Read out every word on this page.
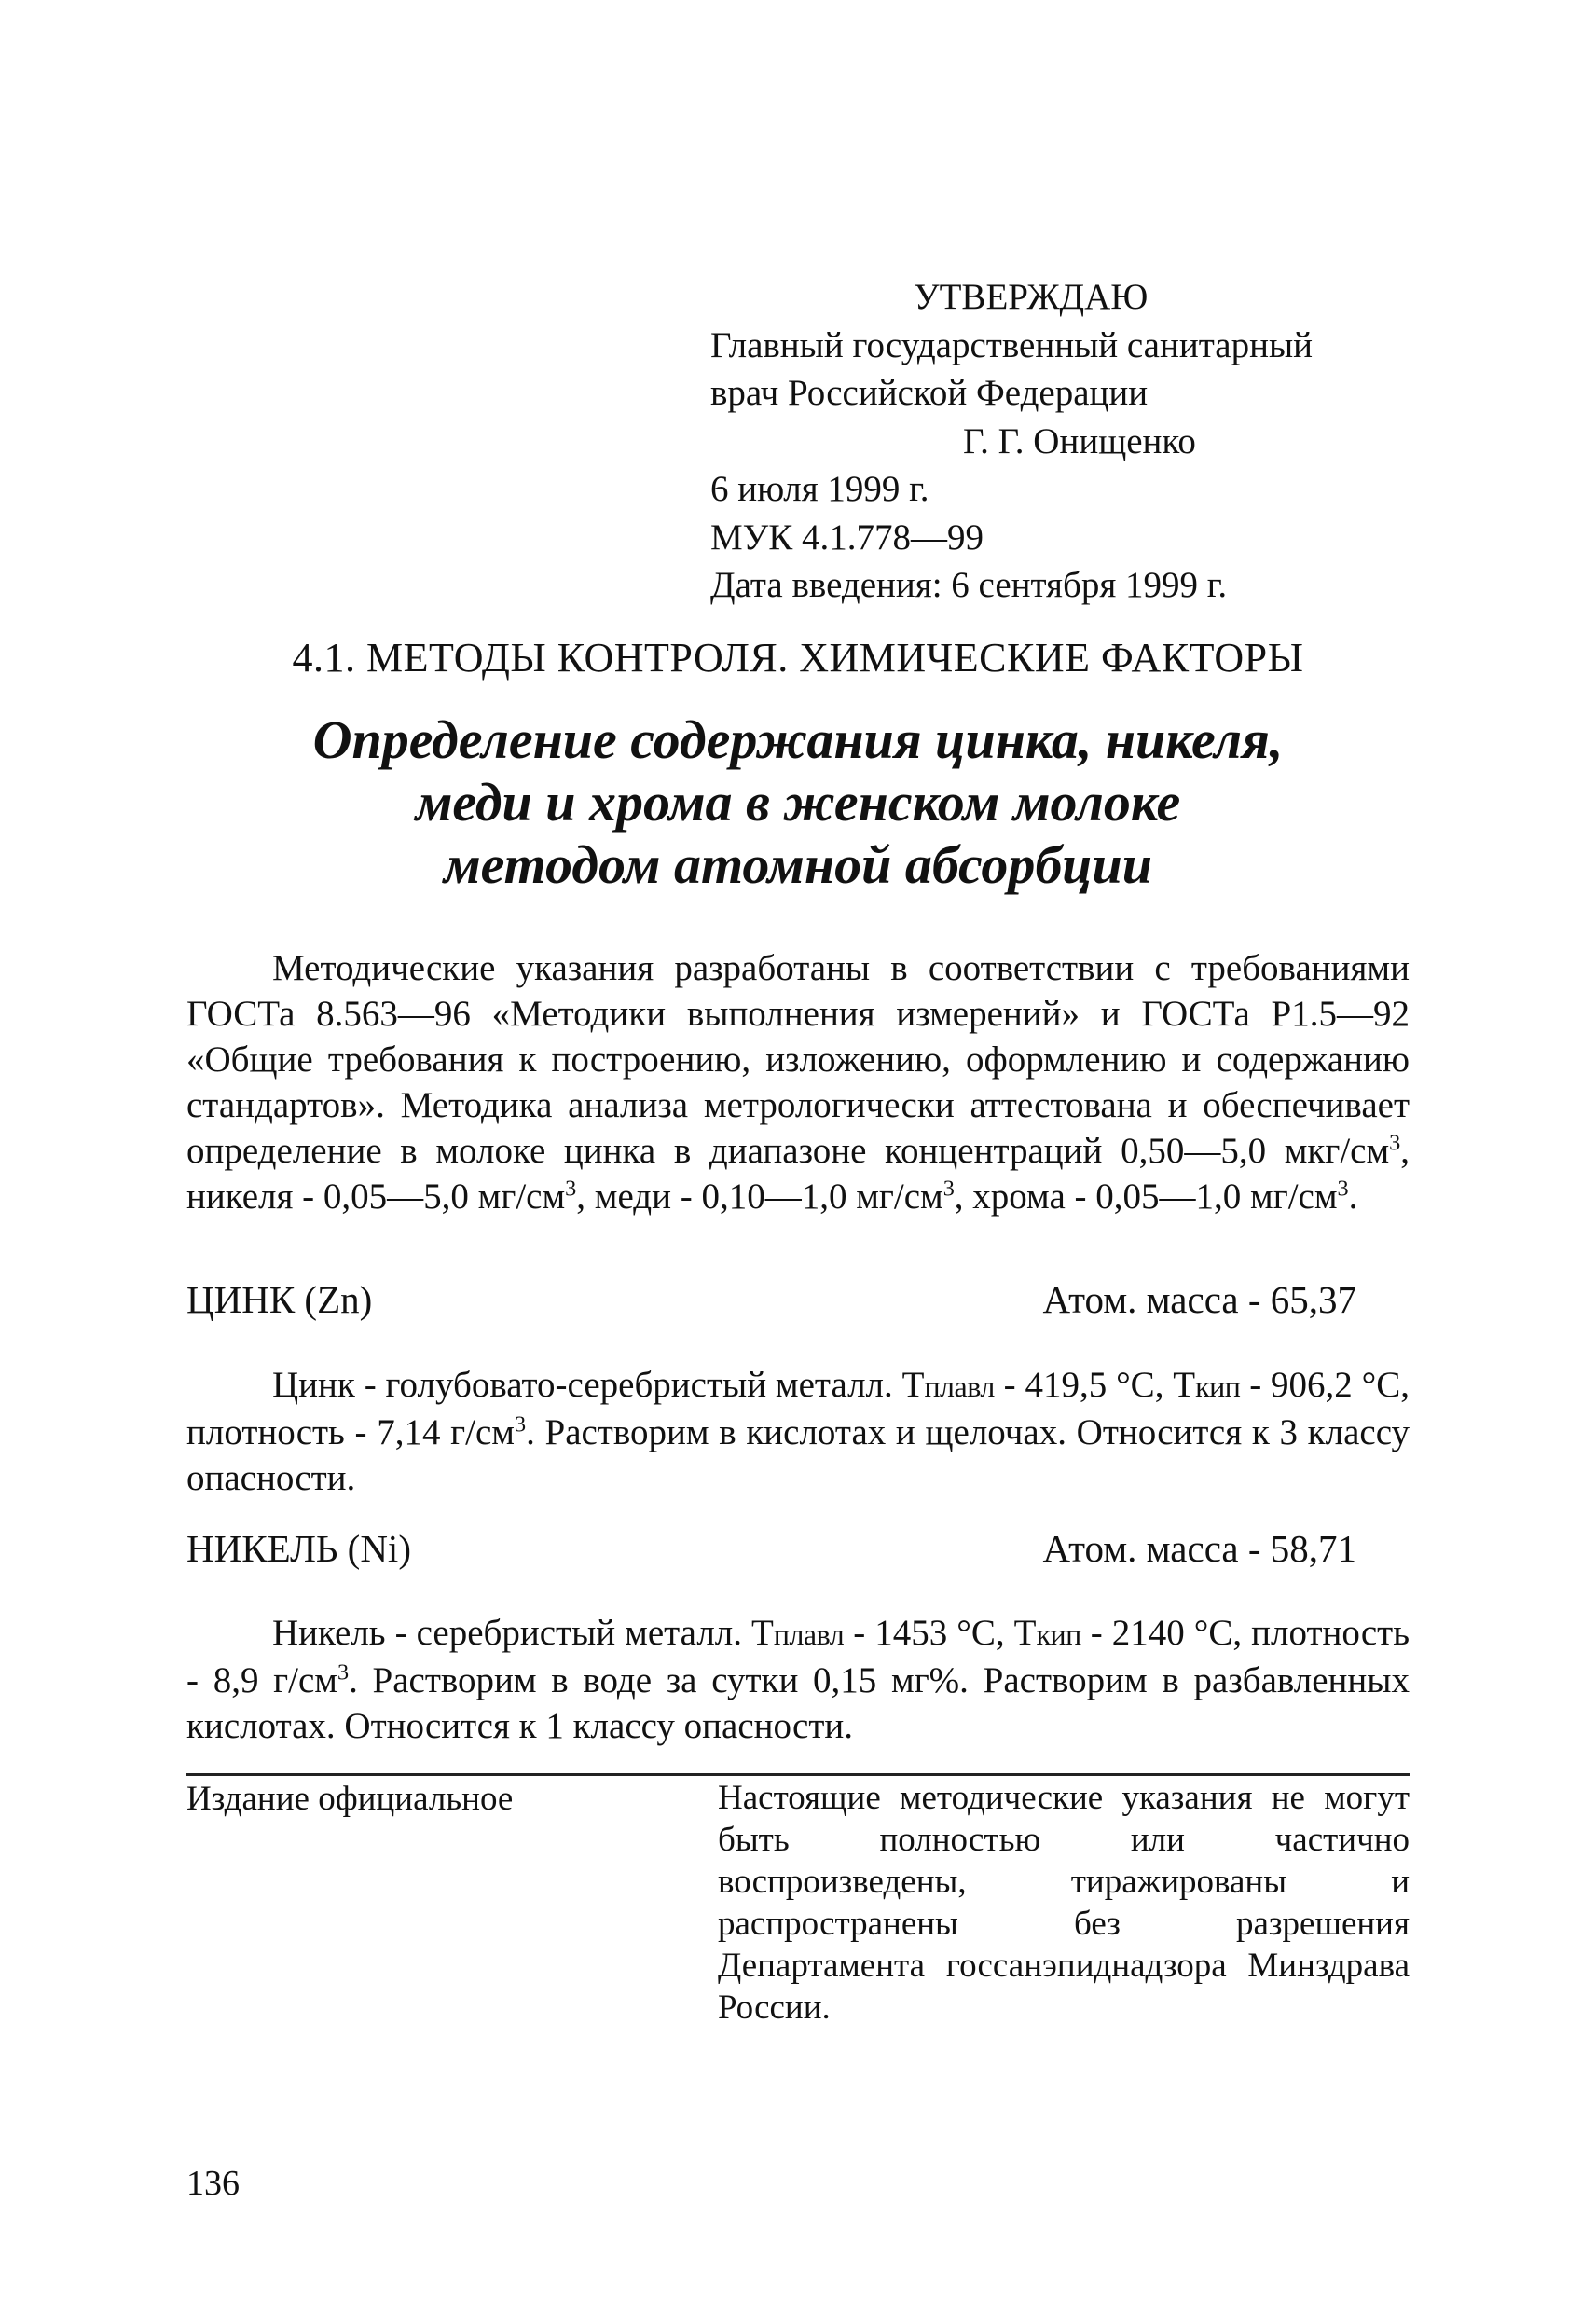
УТВЕРЖДАЮ
Главный государственный санитарный
врач Российской Федерации
Г. Г. Онищенко
6 июля 1999 г.
МУК 4.1.778—99
Дата введения: 6 сентября 1999 г.
4.1. МЕТОДЫ КОНТРОЛЯ. ХИМИЧЕСКИЕ ФАКТОРЫ
Определение содержания цинка, никеля,
меди и хрома в женском молоке
методом атомной абсорбции

Методические указания разработаны в соответствии с требованиями ГОСТа 8.563—96 «Методики выполнения измерений» и ГОСТа Р1.5—92 «Общие требования к построению, изложению, оформлению и содержанию стандартов». Методика анализа метрологически аттестована и обеспечивает определение в молоке цинка в диапазоне концентраций 0,50—5,0 мкг/$см^3$, никеля - 0,05—5,0 $мг/см^3$, меди - 0,10—1,0 $мг/см^3$, хрома - 0,05—1,0 $мг/см^3$.

ЦИНК (Zn)	Атом. масса - 65,37

Цинк - голубовато-серебристый металл. Тплавл - 419,5 °С, Ткип - 906,2 °С, плотность - 7,14 $г/см^3$. Растворим в кислотах и щелочах. Относится к 3 классу опасности.

НИКЕЛЬ (Ni)	Атом. масса - 58,71

Никель - серебристый металл. Тплавл - 1453 °С, Ткип - 2140 °С, плотность - 8,9 $г/см^3$. Растворим в воде за сутки 0,15 мг%. Растворим в разбавленных кислотах. Относится к 1 классу опасности.

Издание официальное	Настоящие методические указания не могут быть полностью или частично воспроизведены, тиражированы и распространены без разрешения Департамента госсанэпиднадзора Минздрава России.
136
